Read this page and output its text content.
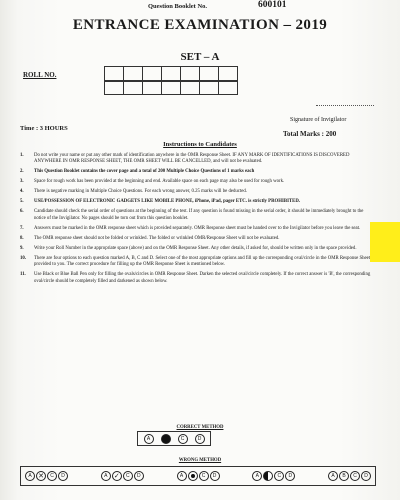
Question Booklet No.	600101
ENTRANCE EXAMINATION – 2019
SET – A
ROLL NO.
Signature of Invigilator
Time : 3 HOURS
Total Marks : 200
Instructions to Candidates
1.	Do not write your name or put any other mark of identification anywhere in the OMR Response Sheet. IF ANY MARK OF IDENTIFICATIONS IS DISCOVERED ANYWHERE IN OMR RESPONSE SHEET, THE OMR SHEET WILL BE CANCELLED, and will not be evaluated.
2.	This Question Booklet contains the cover page and a total of 200 Multiple Choice Questions of 1 marks each
3.	Space for rough work has been provided at the beginning and end. Available space on each page may also be used for rough work.
4.	There is negative marking in Multiple Choice Questions. For each wrong answer, 0.25 marks will be deducted.
5.	USE/POSSESSION OF ELECTRONIC GADGETS LIKE MOBILE PHONE, iPhone, iPad, pager ETC. is strictly PROHIBITED.
6.	Candidate should check the serial order of questions at the beginning of the test. If any question is found missing in the serial order, it should be immediately brought to the notice of the Invigilator. No pages should be torn out from this question booklet.
7.	Answers must be marked in the OMR response sheet which is provided separately. OMR Response sheet must be handed over to the Invigilator before you leave the seat.
8.	The OMR response sheet should not be folded or wrinkled. The folded or wrinkled OMR/Response Sheet will not be evaluated.
9.	Write your Roll Number in the appropriate space (above) and on the OMR Response Sheet. Any other details, if asked for, should be written only in the space provided.
10.	There are four options to each question marked A, B, C and D. Select one of the most appropriate options and fill up the corresponding oval/circle in the OMR Response Sheet provided to you. The correct procedure for filling up the OMR Response Sheet is mentioned below.
11.	Use Black or Blue Ball Pen only for filling the ovals/circles in OMR Response Sheet. Darken the selected oval/circle completely. If the correct answer is 'B', the corresponding oval/circle should be completely filled and darkened as shown below.
CORRECT METHOD
A	C	D
WRONG METHOD
A ✕	C	D	A ✓	C	D	A	C	D	A	C	D	A	B	C	D
